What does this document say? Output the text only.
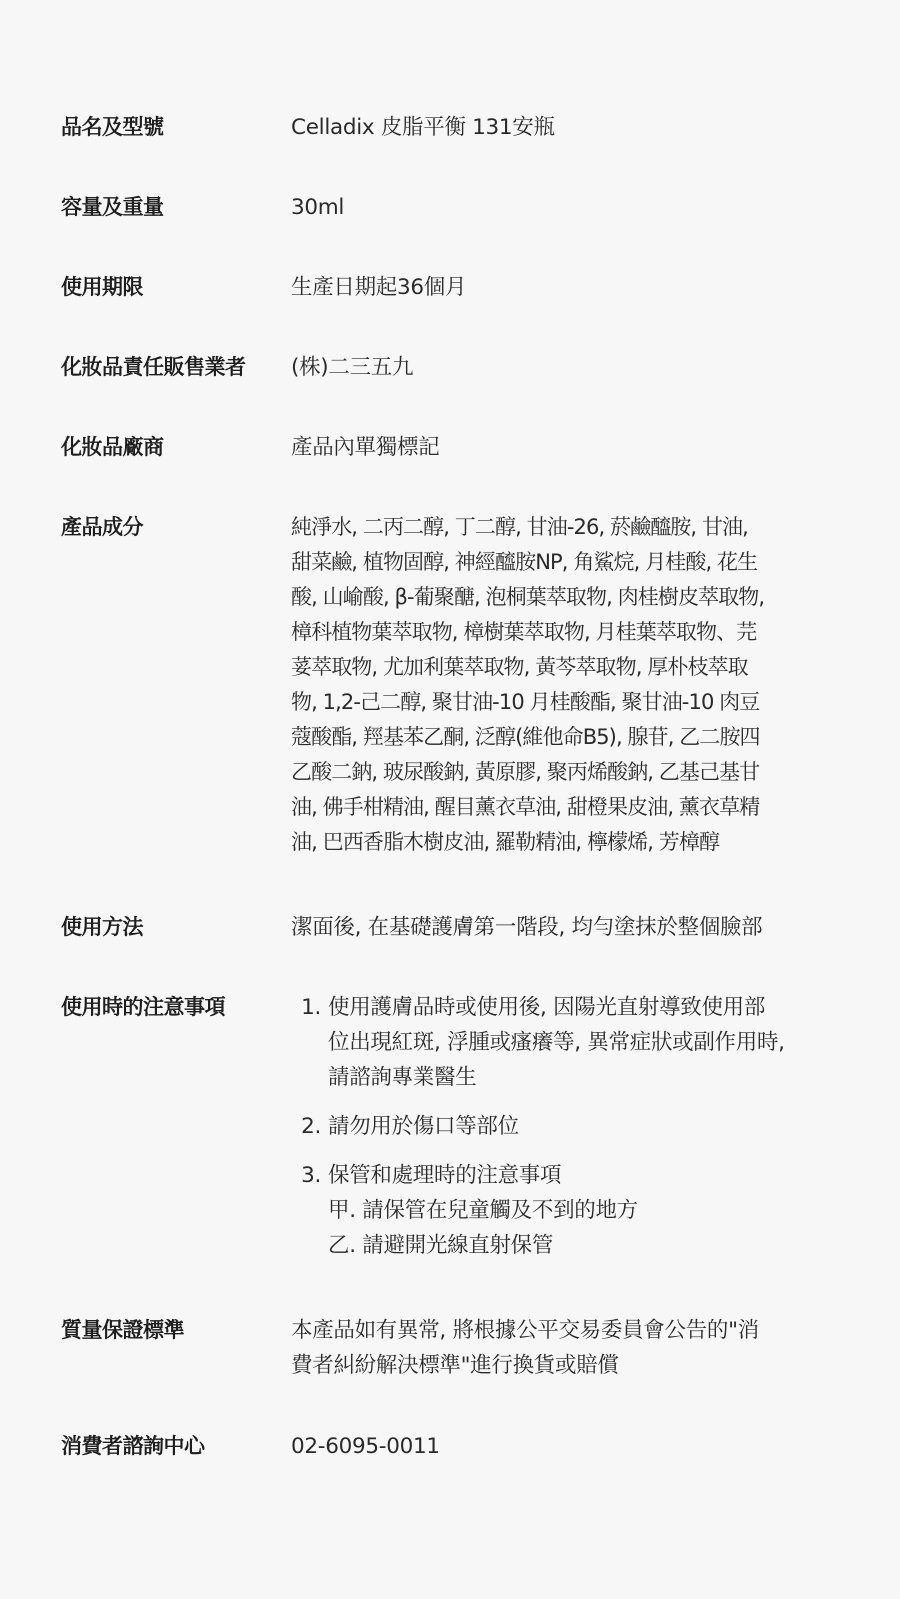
品名及型號	Celladix 皮脂平衡 131安瓶
容量及重量	30ml
使用期限	生產日期起36個月
化妝品責任販售業者	(株)二三五九
化妝品廠商	產品內單獨標記
產品成分	純淨水, 二丙二醇, 丁二醇, 甘油-26, 菸鹼醯胺, 甘油,
甜菜鹼, 植物固醇, 神經醯胺NP, 角鯊烷, 月桂酸, 花生
酸, 山崳酸, β-葡聚醣, 泡桐葉萃取物, 肉桂樹皮萃取物,
樟科植物葉萃取物, 樟樹葉萃取物, 月桂葉萃取物、芫
荽萃取物, 尤加利葉萃取物, 黃芩萃取物, 厚朴枝萃取
物, 1,2-己二醇, 聚甘油-10 月桂酸酯, 聚甘油-10 肉豆
蔻酸酯, 羥基苯乙酮, 泛醇(維他命B5), 腺苷, 乙二胺四
乙酸二鈉, 玻尿酸鈉, 黃原膠, 聚丙烯酸鈉, 乙基己基甘
油, 佛手柑精油, 醒目薰衣草油, 甜橙果皮油, 薰衣草精
油, 巴西香脂木樹皮油, 羅勒精油, 檸檬烯, 芳樟醇
使用方法	潔面後, 在基礎護膚第一階段, 均勻塗抹於整個臉部
使用時的注意事項	1. 使用護膚品時或使用後, 因陽光直射導致使用部
位出現紅斑, 浮腫或瘙癢等, 異常症狀或副作用時,
請諮詢專業醫生
2. 請勿用於傷口等部位
3. 保管和處理時的注意事項
甲. 請保管在兒童觸及不到的地方
乙. 請避開光線直射保管
質量保證標準	本產品如有異常, 將根據公平交易委員會公告的"消
費者糾紛解決標準"進行換貨或賠償
消費者諮詢中心	02-6095-0011
